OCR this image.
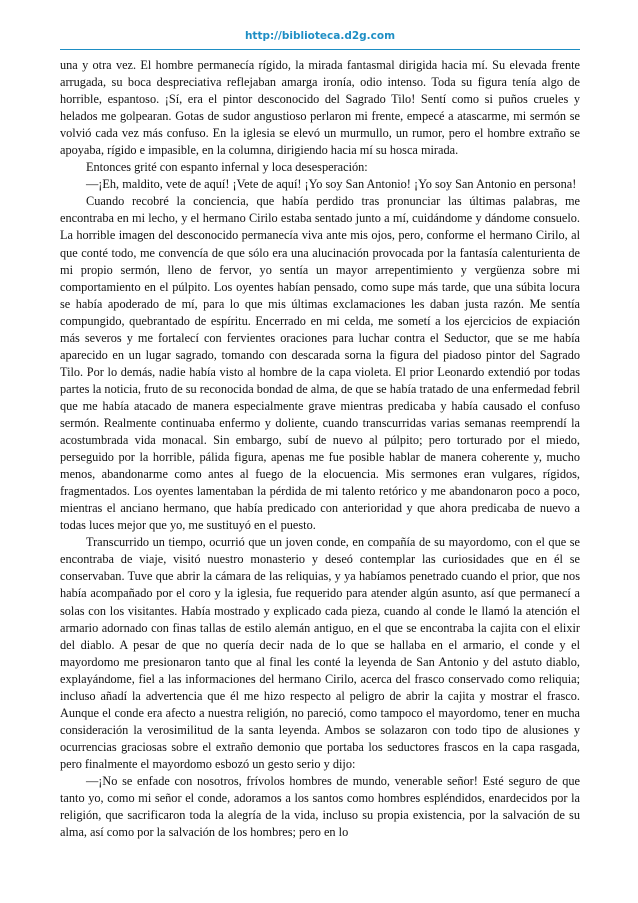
http://biblioteca.d2g.com

una y otra vez. El hombre permanecía rígido, la mirada fantasmal dirigida hacia mí. Su elevada frente arrugada, su boca despreciativa reflejaban amarga ironía, odio intenso. Toda su figura tenía algo de horrible, espantoso. ¡Sí, era el pintor desconocido del Sagrado Tilo! Sentí como si puños crueles y helados me golpearan. Gotas de sudor angustioso perlaron mi frente, empecé a atascarme, mi sermón se volvió cada vez más confuso. En la iglesia se elevó un murmullo, un rumor, pero el hombre extraño se apoyaba, rígido e impasible, en la columna, dirigiendo hacia mí su hosca mirada.

Entonces grité con espanto infernal y loca desesperación:

—¡Eh, maldito, vete de aquí! ¡Vete de aquí! ¡Yo soy San Antonio! ¡Yo soy San Antonio en persona!

Cuando recobré la conciencia, que había perdido tras pronunciar las últimas palabras, me encontraba en mi lecho, y el hermano Cirilo estaba sentado junto a mí, cuidándome y dándome consuelo. La horrible imagen del desconocido permanecía viva ante mis ojos, pero, conforme el hermano Cirilo, al que conté todo, me convencía de que sólo era una alucinación provocada por la fantasía calenturienta de mi propio sermón, lleno de fervor, yo sentía un mayor arrepentimiento y vergüenza sobre mi comportamiento en el púlpito. Los oyentes habían pensado, como supe más tarde, que una súbita locura se había apoderado de mí, para lo que mis últimas exclamaciones les daban justa razón. Me sentía compungido, quebrantado de espíritu. Encerrado en mi celda, me sometí a los ejercicios de expiación más severos y me fortalecí con fervientes oraciones para luchar contra el Seductor, que se me había aparecido en un lugar sagrado, tomando con descarada sorna la figura del piadoso pintor del Sagrado Tilo. Por lo demás, nadie había visto al hombre de la capa violeta. El prior Leonardo extendió por todas partes la noticia, fruto de su reconocida bondad de alma, de que se había tratado de una enfermedad febril que me había atacado de manera especialmente grave mientras predicaba y había causado el confuso sermón. Realmente continuaba enfermo y doliente, cuando transcurridas varias semanas reemprendí la acostumbrada vida monacal. Sin embargo, subí de nuevo al púlpito; pero torturado por el miedo, perseguido por la horrible, pálida figura, apenas me fue posible hablar de manera coherente y, mucho menos, abandonarme como antes al fuego de la elocuencia. Mis sermones eran vulgares, rígidos, fragmentados. Los oyentes lamentaban la pérdida de mi talento retórico y me abandonaron poco a poco, mientras el anciano hermano, que había predicado con anterioridad y que ahora predicaba de nuevo a todas luces mejor que yo, me sustituyó en el puesto.

Transcurrido un tiempo, ocurrió que un joven conde, en compañía de su mayordomo, con el que se encontraba de viaje, visitó nuestro monasterio y deseó contemplar las curiosidades que en él se conservaban. Tuve que abrir la cámara de las reliquias, y ya habíamos penetrado cuando el prior, que nos había acompañado por el coro y la iglesia, fue requerido para atender algún asunto, así que permanecí a solas con los visitantes. Había mostrado y explicado cada pieza, cuando al conde le llamó la atención el armario adornado con finas tallas de estilo alemán antiguo, en el que se encontraba la cajita con el elixir del diablo. A pesar de que no quería decir nada de lo que se hallaba en el armario, el conde y el mayordomo me presionaron tanto que al final les conté la leyenda de San Antonio y del astuto diablo, explayándome, fiel a las informaciones del hermano Cirilo, acerca del frasco conservado como reliquia; incluso añadí la advertencia que él me hizo respecto al peligro de abrir la cajita y mostrar el frasco. Aunque el conde era afecto a nuestra religión, no pareció, como tampoco el mayordomo, tener en mucha consideración la verosimilitud de la santa leyenda. Ambos se solazaron con todo tipo de alusiones y ocurrencias graciosas sobre el extraño demonio que portaba los seductores frascos en la capa rasgada, pero finalmente el mayordomo esbozó un gesto serio y dijo:

—¡No se enfade con nosotros, frívolos hombres de mundo, venerable señor! Esté seguro de que tanto yo, como mi señor el conde, adoramos a los santos como hombres espléndidos, enardecidos por la religión, que sacrificaron toda la alegría de la vida, incluso su propia existencia, por la salvación de su alma, así como por la salvación de los hombres; pero en lo
